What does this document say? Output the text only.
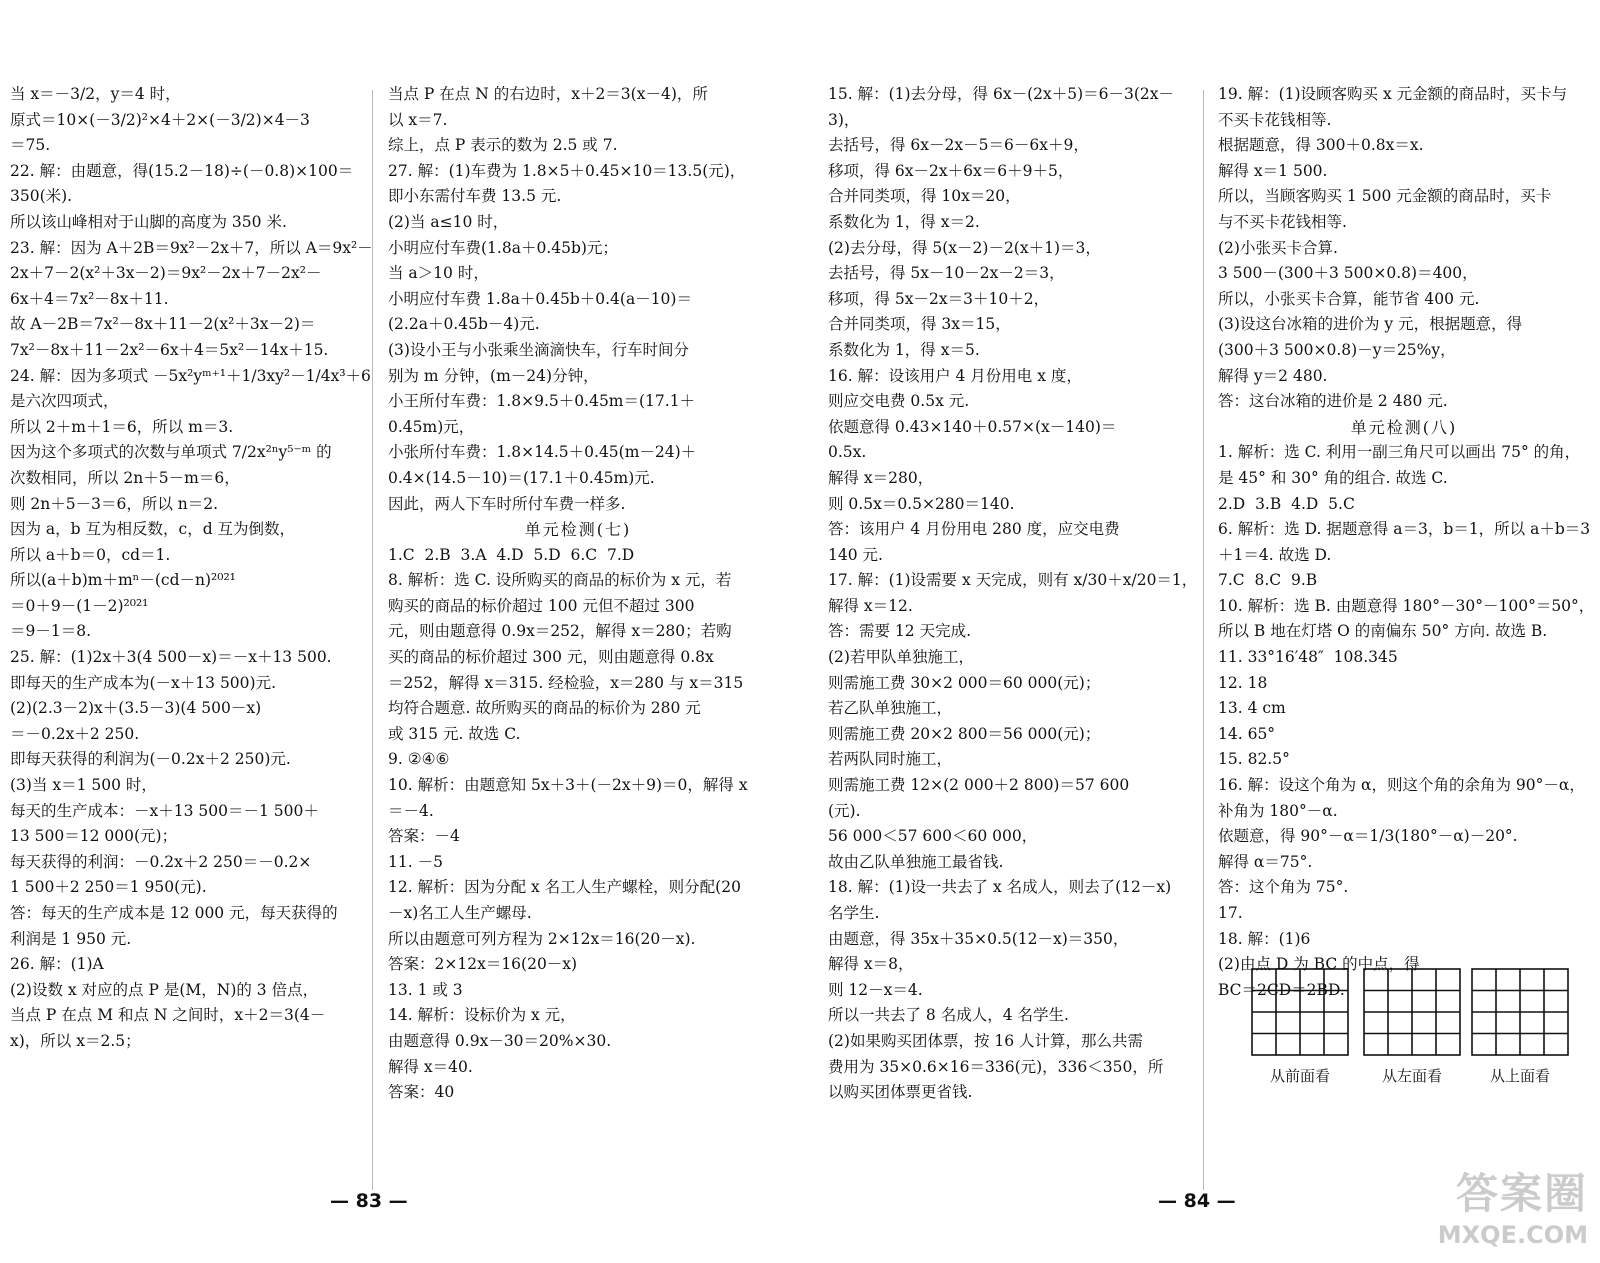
当 x＝－3/2，y＝4 时，
原式＝10×(－3/2)²×4＋2×(－3/2)×4－3
＝75.
22. 解：由题意，得(15.2－18)÷(－0.8)×100＝
350(米).
所以该山峰相对于山脚的高度为 350 米.
23. 解：因为 A＋2B＝9x²－2x＋7，所以 A＝9x²－
2x＋7－2(x²＋3x－2)＝9x²－2x＋7－2x²－
6x＋4＝7x²－8x＋11.
故 A－2B＝7x²－8x＋11－2(x²＋3x－2)＝
7x²－8x＋11－2x²－6x＋4＝5x²－14x＋15.
24. 解：因为多项式 －5x²yᵐ⁺¹＋1/3xy²－1/4x³＋6
是六次四项式，
所以 2＋m＋1＝6，所以 m＝3.
因为这个多项式的次数与单项式 7/2x²ⁿy⁵⁻ᵐ 的
次数相同，所以 2n＋5－m＝6，
则 2n＋5－3＝6，所以 n＝2.
因为 a，b 互为相反数，c，d 互为倒数，
所以 a＋b＝0，cd＝1.
所以(a＋b)m＋mⁿ－(cd－n)²⁰²¹
＝0＋9－(1－2)²⁰²¹
＝9－1＝8.
25. 解：(1)2x＋3(4 500－x)＝－x＋13 500.
即每天的生产成本为(－x＋13 500)元.
(2)(2.3－2)x＋(3.5－3)(4 500－x)
＝－0.2x＋2 250.
即每天获得的利润为(－0.2x＋2 250)元.
(3)当 x＝1 500 时，
每天的生产成本：－x＋13 500＝－1 500＋
13 500＝12 000(元)；
每天获得的利润：－0.2x＋2 250＝－0.2×
1 500＋2 250＝1 950(元).
答：每天的生产成本是 12 000 元，每天获得的
利润是 1 950 元.
26. 解：(1)A
(2)设数 x 对应的点 P 是(M，N)的 3 倍点，
当点 P 在点 M 和点 N 之间时，x＋2＝3(4－
x)，所以 x＝2.5；
当点 P 在点 N 的右边时，x＋2＝3(x－4)，所
以 x＝7.
综上，点 P 表示的数为 2.5 或 7.
27. 解：(1)车费为 1.8×5＋0.45×10＝13.5(元)，
即小东需付车费 13.5 元.
(2)当 a≤10 时，
小明应付车费(1.8a＋0.45b)元；
当 a＞10 时，
小明应付车费 1.8a＋0.45b＋0.4(a－10)＝
(2.2a＋0.45b－4)元.
(3)设小王与小张乘坐滴滴快车，行车时间分
别为 m 分钟，(m－24)分钟，
小王所付车费：1.8×9.5＋0.45m＝(17.1＋
0.45m)元，
小张所付车费：1.8×14.5＋0.45(m－24)＋
0.4×(14.5－10)＝(17.1＋0.45m)元.
因此，两人下车时所付车费一样多.
单元检测(七)
1.C  2.B  3.A  4.D  5.D  6.C  7.D
8. 解析：选 C. 设所购买的商品的标价为 x 元，若
购买的商品的标价超过 100 元但不超过 300
元，则由题意得 0.9x＝252，解得 x＝280；若购
买的商品的标价超过 300 元，则由题意得 0.8x
＝252，解得 x＝315. 经检验，x＝280 与 x＝315
均符合题意. 故所购买的商品的标价为 280 元
或 315 元. 故选 C.
9. ②④⑥
10. 解析：由题意知 5x＋3＋(－2x＋9)＝0，解得 x
＝－4.
答案：－4
11. －5
12. 解析：因为分配 x 名工人生产螺栓，则分配(20
－x)名工人生产螺母.
所以由题意可列方程为 2×12x＝16(20－x).
答案：2×12x＝16(20－x)
13. 1 或 3
14. 解析：设标价为 x 元，
由题意得 0.9x－30＝20%×30.
解得 x＝40.
答案：40
— 83 —
15. 解：(1)去分母，得 6x－(2x＋5)＝6－3(2x－
3)，
去括号，得 6x－2x－5＝6－6x＋9，
移项，得 6x－2x＋6x＝6＋9＋5，
合并同类项，得 10x＝20，
系数化为 1，得 x＝2.
(2)去分母，得 5(x－2)－2(x＋1)＝3，
去括号，得 5x－10－2x－2＝3，
移项，得 5x－2x＝3＋10＋2，
合并同类项，得 3x＝15，
系数化为 1，得 x＝5.
16. 解：设该用户 4 月份用电 x 度，
则应交电费 0.5x 元.
依题意得 0.43×140＋0.57×(x－140)＝
0.5x.
解得 x＝280，
则 0.5x＝0.5×280＝140.
答：该用户 4 月份用电 280 度，应交电费
140 元.
17. 解：(1)设需要 x 天完成，则有 x/30＋x/20＝1，
解得 x＝12.
答：需要 12 天完成.
(2)若甲队单独施工，
则需施工费 30×2 000＝60 000(元)；
若乙队单独施工，
则需施工费 20×2 800＝56 000(元)；
若两队同时施工，
则需施工费 12×(2 000＋2 800)＝57 600
(元).
56 000＜57 600＜60 000，
故由乙队单独施工最省钱.
18. 解：(1)设一共去了 x 名成人，则去了(12－x)
名学生.
由题意，得 35x＋35×0.5(12－x)＝350，
解得 x＝8，
则 12－x＝4.
所以一共去了 8 名成人，4 名学生.
(2)如果购买团体票，按 16 人计算，那么共需
费用为 35×0.6×16＝336(元)，336＜350，所
以购买团体票更省钱.
19. 解：(1)设顾客购买 x 元金额的商品时，买卡与
不买卡花钱相等.
根据题意，得 300＋0.8x＝x.
解得 x＝1 500.
所以，当顾客购买 1 500 元金额的商品时，买卡
与不买卡花钱相等.
(2)小张买卡合算.
3 500－(300＋3 500×0.8)＝400，
所以，小张买卡合算，能节省 400 元.
(3)设这台冰箱的进价为 y 元，根据题意，得
(300＋3 500×0.8)－y＝25%y，
解得 y＝2 480.
答：这台冰箱的进价是 2 480 元.
单元检测(八)
1. 解析：选 C. 利用一副三角尺可以画出 75° 的角，
是 45° 和 30° 角的组合. 故选 C.
2.D  3.B  4.D  5.C
6. 解析：选 D. 据题意得 a＝3，b＝1，所以 a＋b＝3
＋1＝4. 故选 D.
7.C  8.C  9.B
10. 解析：选 B. 由题意得 180°－30°－100°＝50°，
所以 B 地在灯塔 O 的南偏东 50° 方向. 故选 B.
11. 33°16′48″  108.345
12. 18
13. 4 cm
14. 65°
15. 82.5°
16. 解：设这个角为 α，则这个角的余角为 90°－α，
补角为 180°－α.
依题意，得 90°－α＝1/3(180°－α)－20°.
解得 α＝75°.
答：这个角为 75°.
17.
18. 解：(1)6
(2)由点 D 为 BC 的中点，得
BC＝2CD＝2BD.
— 84 —
从前面看	从左面看	从上面看
答案圈
MXQE.COM
